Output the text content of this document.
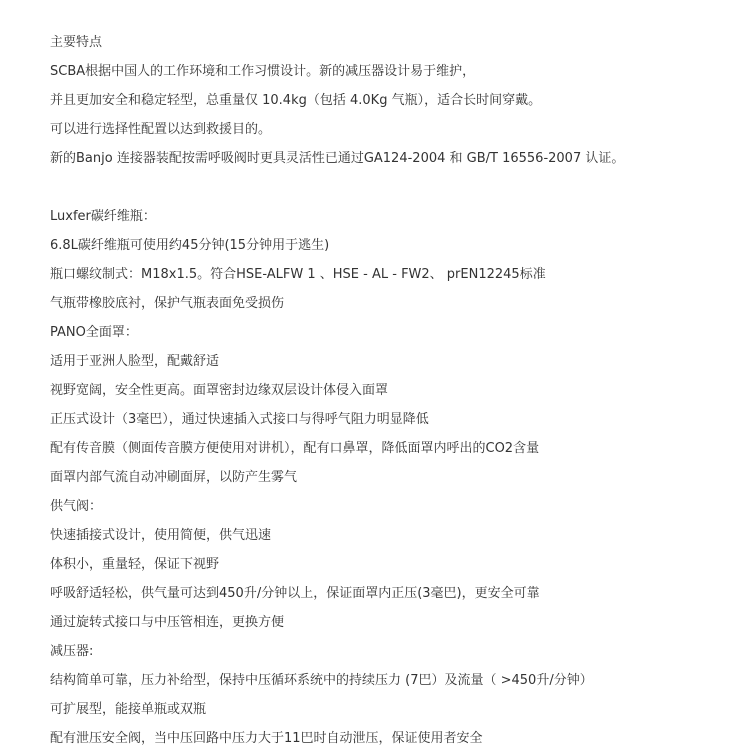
主要特点
SCBA根据中国人的工作环境和工作习惯设计。新的减压器设计易于维护，
并且更加安全和稳定轻型，总重量仅 10.4kg（包括 4.0Kg 气瓶），适合长时间穿戴。
可以进行选择性配置以达到救援目的。
新的Banjo 连接器装配按需呼吸阀时更具灵活性已通过GA124-2004 和 GB/T 16556-2007 认证。
Luxfer碳纤维瓶：
6.8L碳纤维瓶可使用约45分钟(15分钟用于逃生)
瓶口螺纹制式：M18x1.5。符合HSE-ALFW 1 、HSE - AL - FW2、 prEN12245标准
气瓶带橡胶底衬，保护气瓶表面免受损伤
PANO全面罩：
适用于亚洲人脸型，配戴舒适
视野宽阔，安全性更高。面罩密封边缘双层设计体侵入面罩
正压式设计（3毫巴），通过快速插入式接口与得呼气阻力明显降低
配有传音膜（侧面传音膜方便使用对讲机），配有口鼻罩，降低面罩内呼出的CO2含量
面罩内部气流自动冲刷面屏，以防产生雾气
供气阀：
快速插接式设计，使用简便，供气迅速
体积小，重量轻，保证下视野
呼吸舒适轻松，供气量可达到450升/分钟以上，保证面罩内正压(3毫巴)，更安全可靠
通过旋转式接口与中压管相连，更换方便
减压器:
结构简单可靠，压力补给型，保持中压循环系统中的持续压力 (7巴）及流量（ >450升/分钟）
可扩展型，能接单瓶或双瓶
配有泄压安全阀，当中压回路中压力大于11巴时自动泄压，保证使用者安全
